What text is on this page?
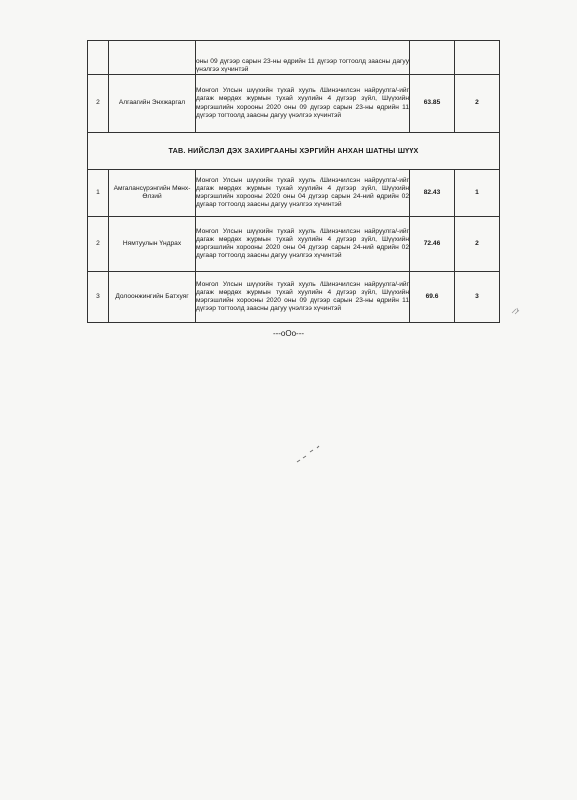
		оны 09 дүгээр сарын 23-ны өдрийн 11 дүгээр тогтоолд заасны дагуу үнэлгээ хүчинтэй		

2	Алгаагийн Энхжаргал	Монгол Улсын шүүхийн тухай хууль /Шинэчилсэн найруулга/-ийг дагаж мөрдөх журмын тухай хуулийн 4 дүгээр зүйл, Шүүхийн мэргэшлийн хорооны 2020 оны 09 дүгээр сарын 23-ны өдрийн 11 дүгээр тогтоолд заасны дагуу үнэлгээ хүчинтэй	63.85	2
ТАВ. НИЙСЛЭЛ ДЭХ ЗАХИРГААНЫ ХЭРГИЙН АНХАН ШАТНЫ ШҮҮХ				
1	Амгалансүрэнгийн Мөнх-Өлзий	Монгол Улсын шүүхийн тухай хууль /Шинэчилсэн найруулга/-ийг дагаж мөрдөх журмын тухай хуулийн 4 дүгээр зүйл, Шүүхийн мэргэшлийн хорооны 2020 оны 04 дүгээр сарын 24-ний өдрийн 02 дугаар тогтоолд заасны дагуу үнэлгээ хүчинтэй	82.43	1
2	Нямтуулын Үндрах	Монгол Улсын шүүхийн тухай хууль /Шинэчилсэн найруулга/-ийг дагаж мөрдөх журмын тухай хуулийн 4 дүгээр зүйл, Шүүхийн мэргэшлийн хорооны 2020 оны 04 дүгээр сарын 24-ний өдрийн 02 дугаар тогтоолд заасны дагуу үнэлгээ хүчинтэй	72.46	2
3	Долоонжингийн Батхуяг	Монгол Улсын шүүхийн тухай хууль /Шинэчилсэн найруулга/-ийг дагаж мөрдөх журмын тухай хуулийн 4 дүгээр зүйл, Шүүхийн мэргэшлийн хорооны 2020 оны 09 дүгээр сарын 23-ны өдрийн 11 дүгээр тогтоолд заасны дагуу үнэлгээ хүчинтэй	69.6	3
---oOo---
